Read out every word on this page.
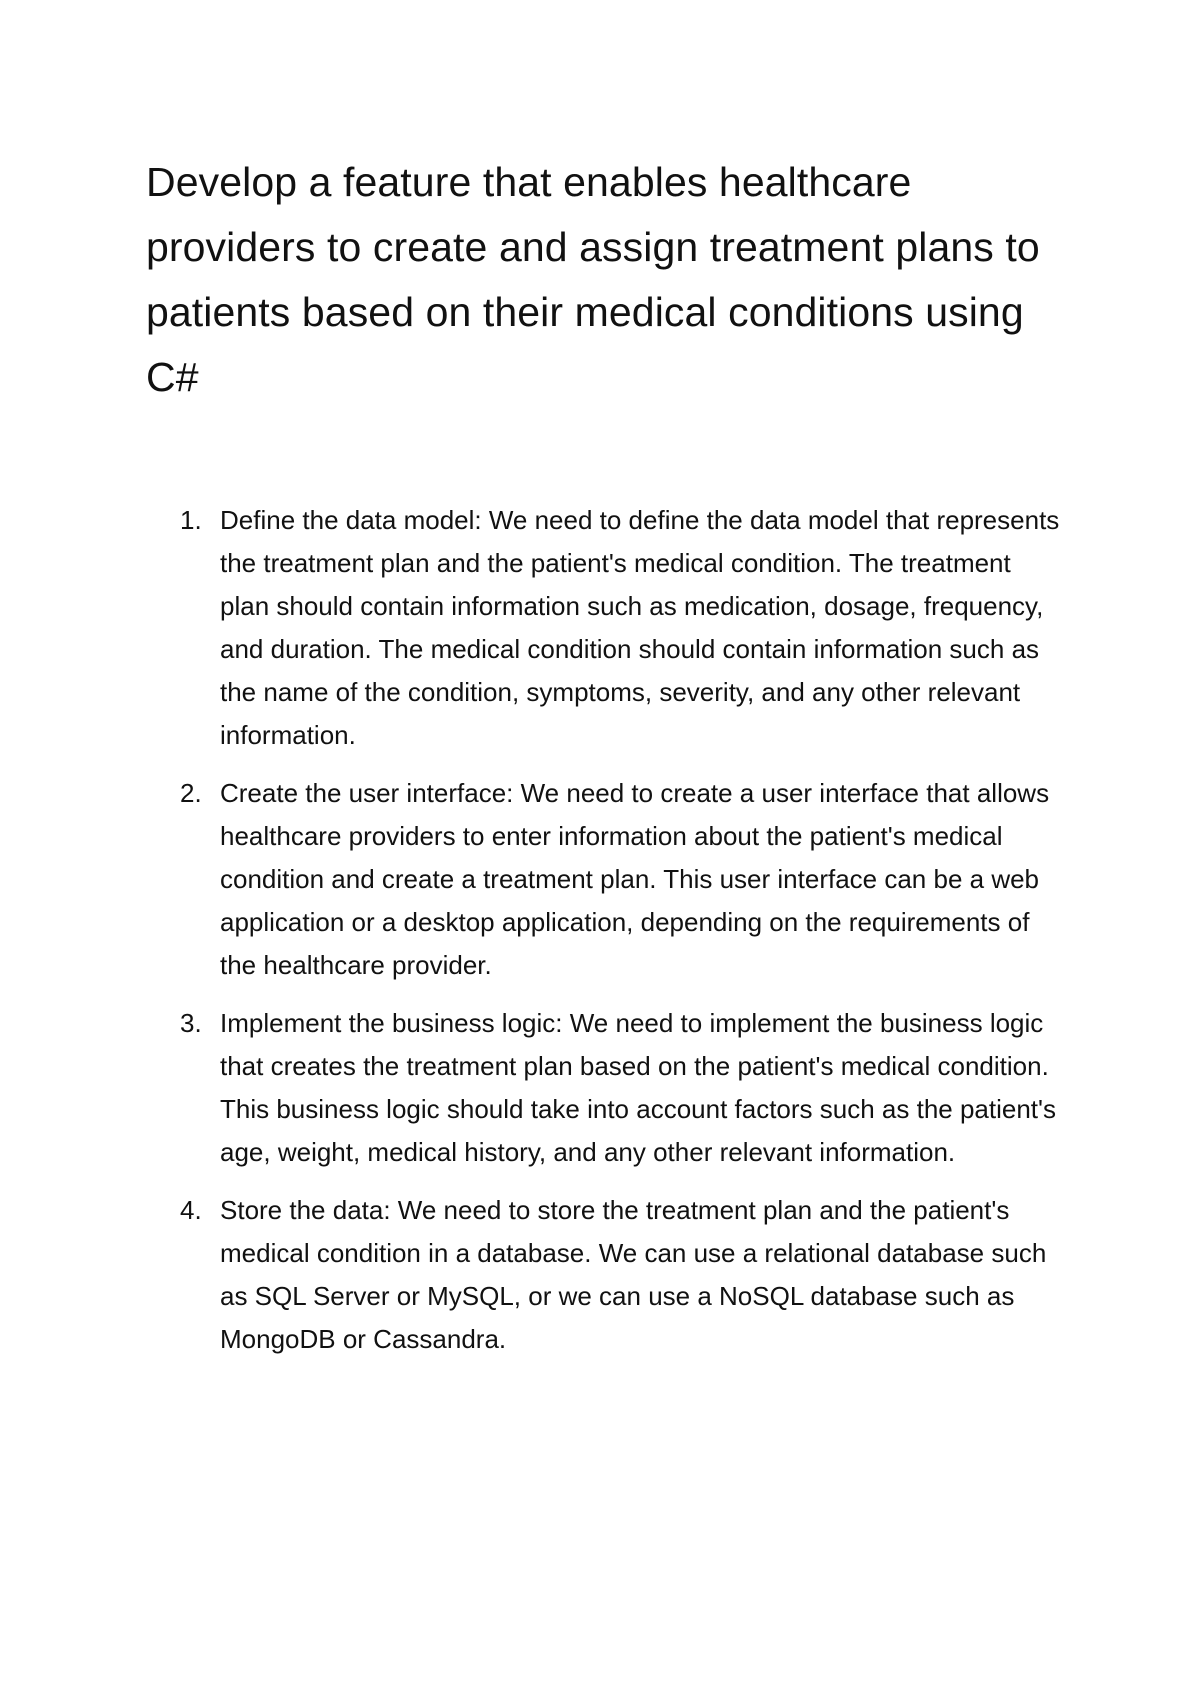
Develop a feature that enables healthcare providers to create and assign treatment plans to patients based on their medical conditions using C#
1. Define the data model: We need to define the data model that represents the treatment plan and the patient's medical condition. The treatment plan should contain information such as medication, dosage, frequency, and duration. The medical condition should contain information such as the name of the condition, symptoms, severity, and any other relevant information.
2. Create the user interface: We need to create a user interface that allows healthcare providers to enter information about the patient's medical condition and create a treatment plan. This user interface can be a web application or a desktop application, depending on the requirements of the healthcare provider.
3. Implement the business logic: We need to implement the business logic that creates the treatment plan based on the patient's medical condition. This business logic should take into account factors such as the patient's age, weight, medical history, and any other relevant information.
4. Store the data: We need to store the treatment plan and the patient's medical condition in a database. We can use a relational database such as SQL Server or MySQL, or we can use a NoSQL database such as MongoDB or Cassandra.
